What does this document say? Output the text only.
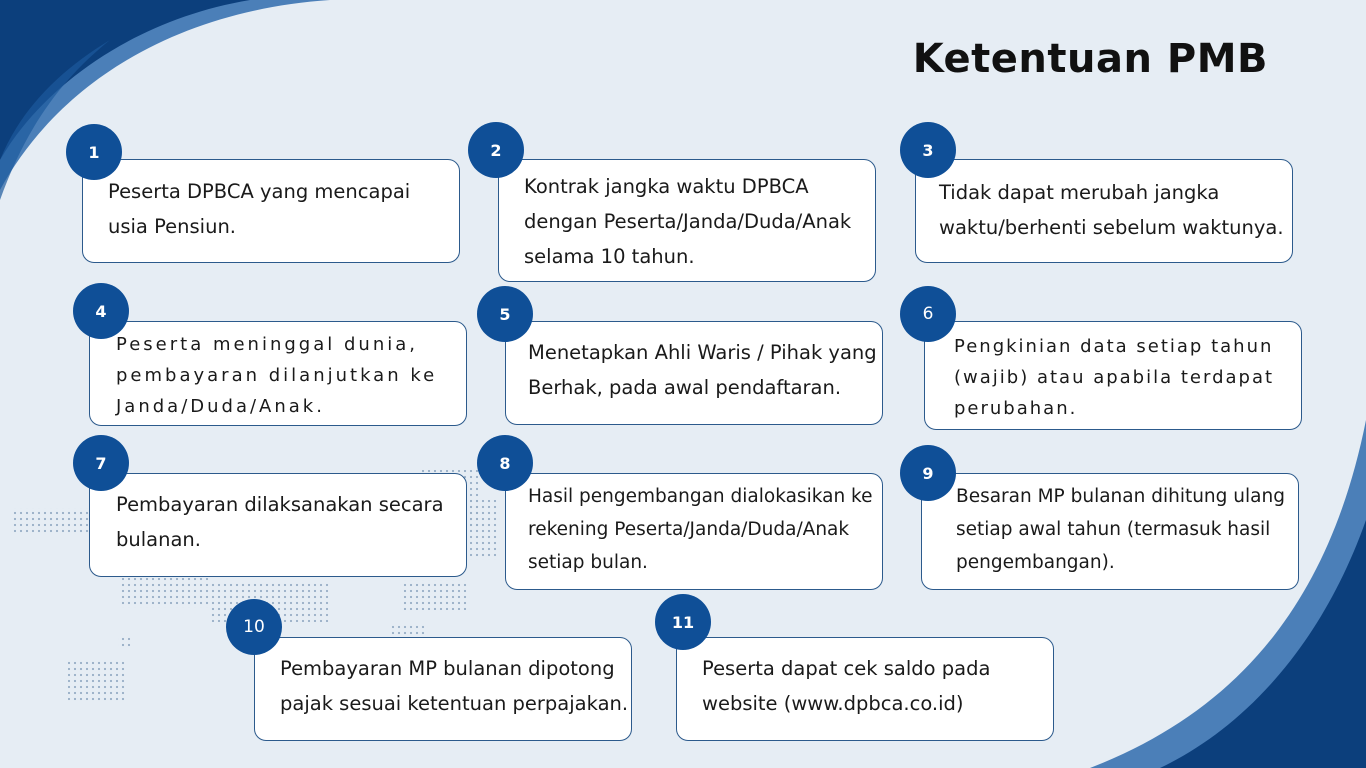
Ketentuan PMB

Peserta DPBCA yang mencapai
usia Pensiun.

1

Kontrak jangka waktu DPBCA
dengan Peserta/Janda/Duda/Anak
selama 10 tahun.

2

Tidak dapat merubah jangka
waktu/berhenti sebelum waktunya.

3

Peserta meninggal dunia,
pembayaran dilanjutkan ke
Janda/Duda/Anak.

4

Menetapkan Ahli Waris / Pihak yang
Berhak, pada awal pendaftaran.

5

Pengkinian data setiap tahun
(wajib) atau apabila terdapat
perubahan.

6

Pembayaran dilaksanakan secara
bulanan.

7

Hasil pengembangan dialokasikan ke
rekening Peserta/Janda/Duda/Anak
setiap bulan.

8

Besaran MP bulanan dihitung ulang
setiap awal tahun (termasuk hasil
pengembangan).

9

Pembayaran MP bulanan dipotong
pajak sesuai ketentuan perpajakan.

10

Peserta dapat cek saldo pada
website (www.dpbca.co.id)

11
